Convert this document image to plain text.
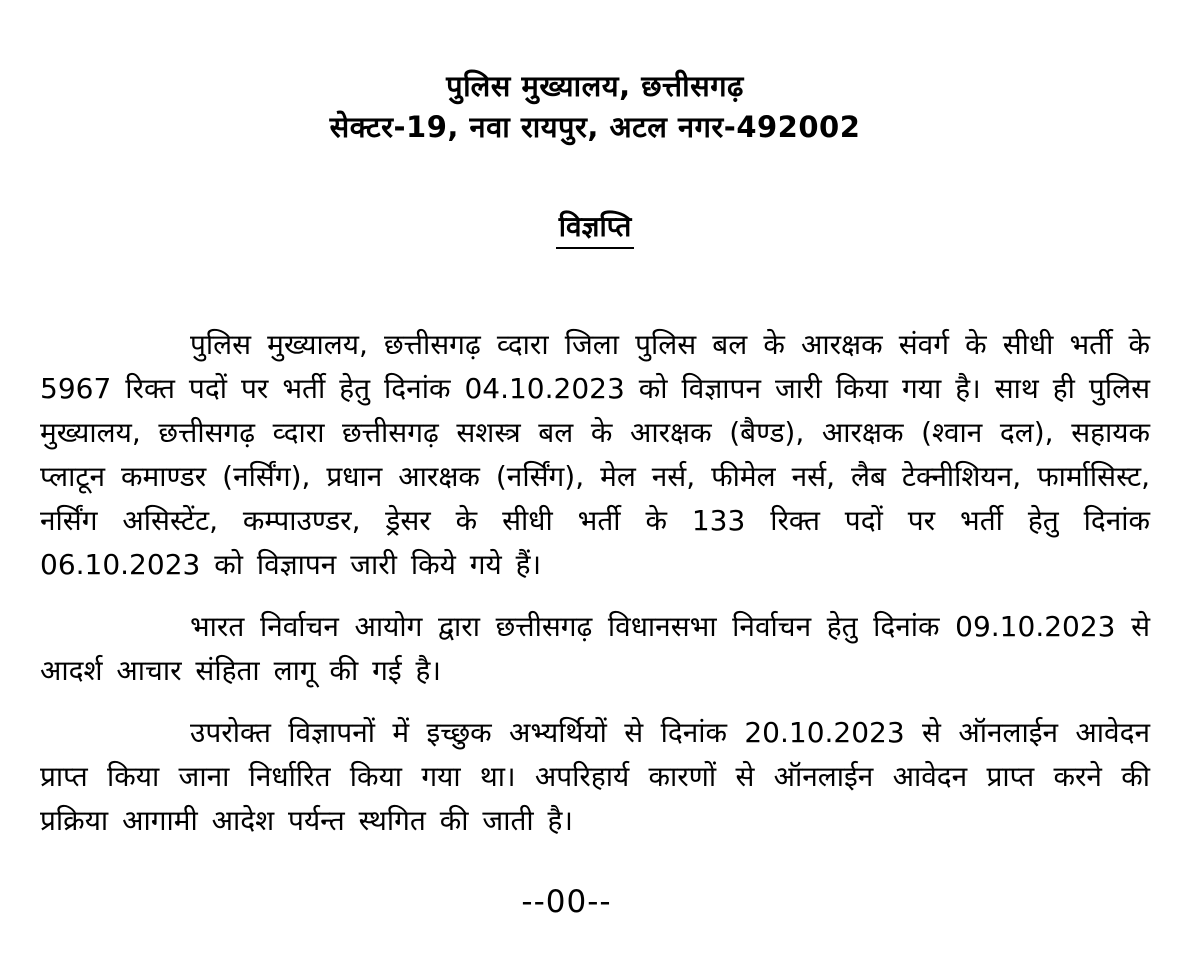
पुलिस मुख्यालय, छत्तीसगढ़
सेक्टर-19, नवा रायपुर, अटल नगर-492002
विज्ञप्ति

पुलिस मुख्यालय, छत्तीसगढ़ व्दारा जिला पुलिस बल के आरक्षक संवर्ग के सीधी भर्ती के 5967 रिक्त पदों पर भर्ती हेतु दिनांक 04.10.2023 को विज्ञापन जारी किया गया है। साथ ही पुलिस मुख्यालय, छत्तीसगढ़ व्दारा छत्तीसगढ़ सशस्त्र बल के आरक्षक (बैण्ड), आरक्षक (श्वान दल), सहायक प्लाटून कमाण्डर (नर्सिंग), प्रधान आरक्षक (नर्सिंग), मेल नर्स, फीमेल नर्स, लैब टेक्नीशियन, फार्मासिस्ट, नर्सिंग असिस्टेंट, कम्पाउण्डर, ड्रेसर के सीधी भर्ती के 133 रिक्त पदों पर भर्ती हेतु दिनांक 06.10.2023 को विज्ञापन जारी किये गये हैं।

भारत निर्वाचन आयोग द्वारा छत्तीसगढ़ विधानसभा निर्वाचन हेतु दिनांक 09.10.2023 से आदर्श आचार संहिता लागू की गई है।

उपरोक्त विज्ञापनों में इच्छुक अभ्यर्थियों से दिनांक 20.10.2023 से ऑनलाईन आवेदन प्राप्त किया जाना निर्धारित किया गया था। अपरिहार्य कारणों से ऑनलाईन आवेदन प्राप्त करने की प्रक्रिया आगामी आदेश पर्यन्त स्थगित की जाती है।

--00--
